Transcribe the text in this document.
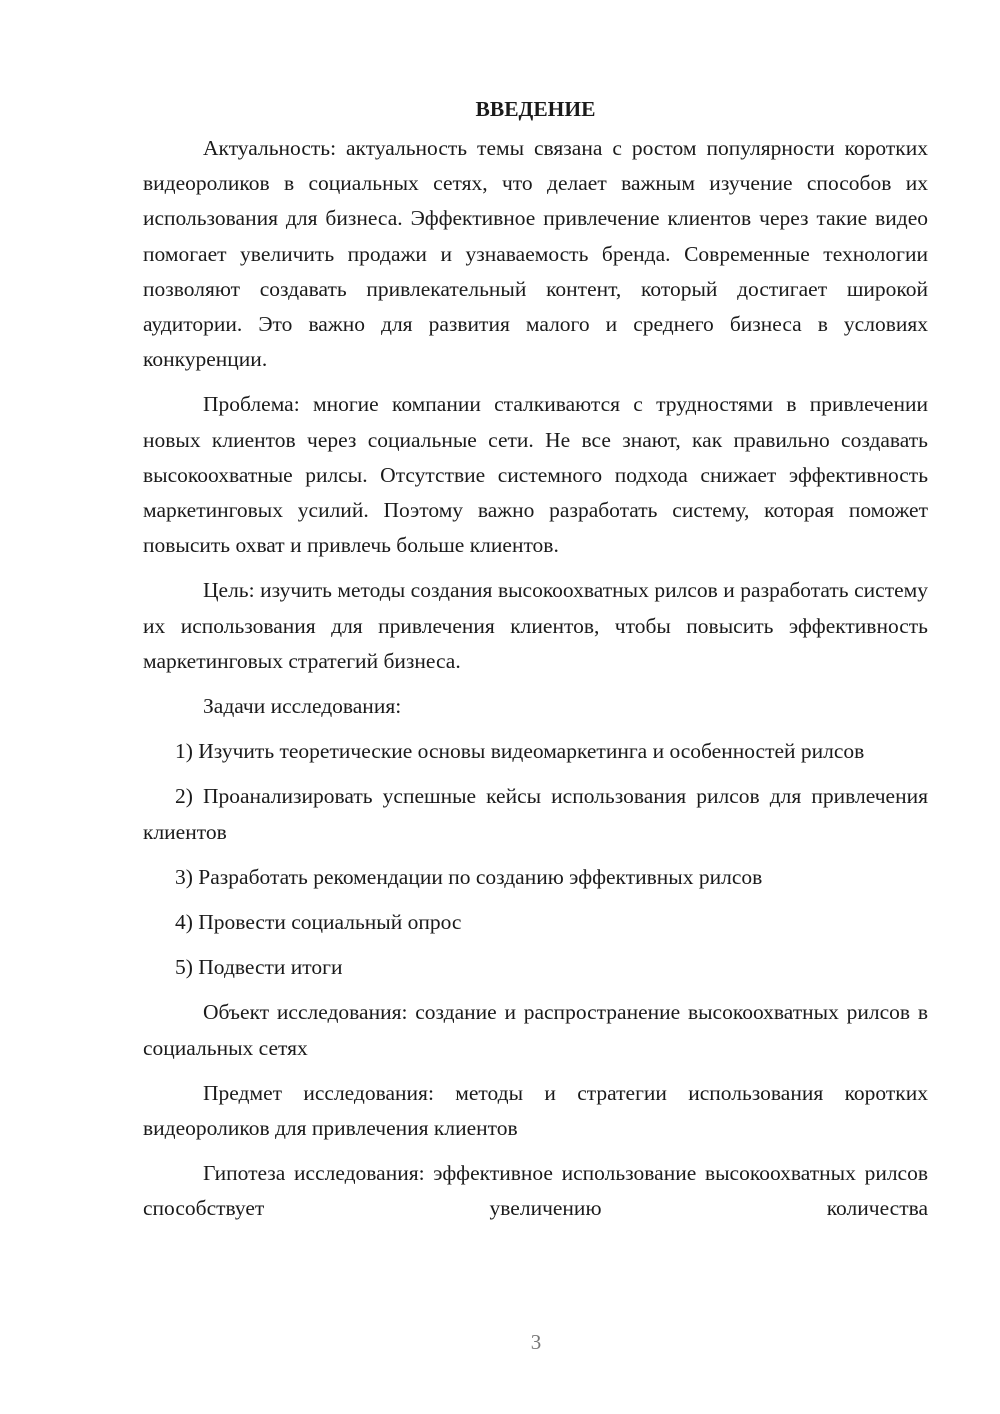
ВВЕДЕНИЕ

Актуальность: актуальность темы связана с ростом популярности коротких видеороликов в социальных сетях, что делает важным изучение способов их использования для бизнеса. Эффективное привлечение клиентов через такие видео помогает увеличить продажи и узнаваемость бренда. Современные технологии позволяют создавать привлекательный контент, который достигает широкой аудитории. Это важно для развития малого и среднего бизнеса в условиях конкуренции.

Проблема: многие компании сталкиваются с трудностями в привлечении новых клиентов через социальные сети. Не все знают, как правильно создавать высокоохватные рилсы. Отсутствие системного подхода снижает эффективность маркетинговых усилий. Поэтому важно разработать систему, которая поможет повысить охват и привлечь больше клиентов.

Цель: изучить методы создания высокоохватных рилсов и разработать систему их использования для привлечения клиентов, чтобы повысить эффективность маркетинговых стратегий бизнеса.

Задачи исследования:

1) Изучить теоретические основы видеомаркетинга и особенностей рилсов

2) Проанализировать успешные кейсы использования рилсов для привлечения клиентов

3) Разработать рекомендации по созданию эффективных рилсов

4) Провести социальный опрос

5) Подвести итоги

Объект исследования: создание и распространение высокоохватных рилсов в социальных сетях

Предмет исследования: методы и стратегии использования коротких видеороликов для привлечения клиентов

Гипотеза исследования: эффективное использование высокоохватных рилсов способствует увеличению количества

3
